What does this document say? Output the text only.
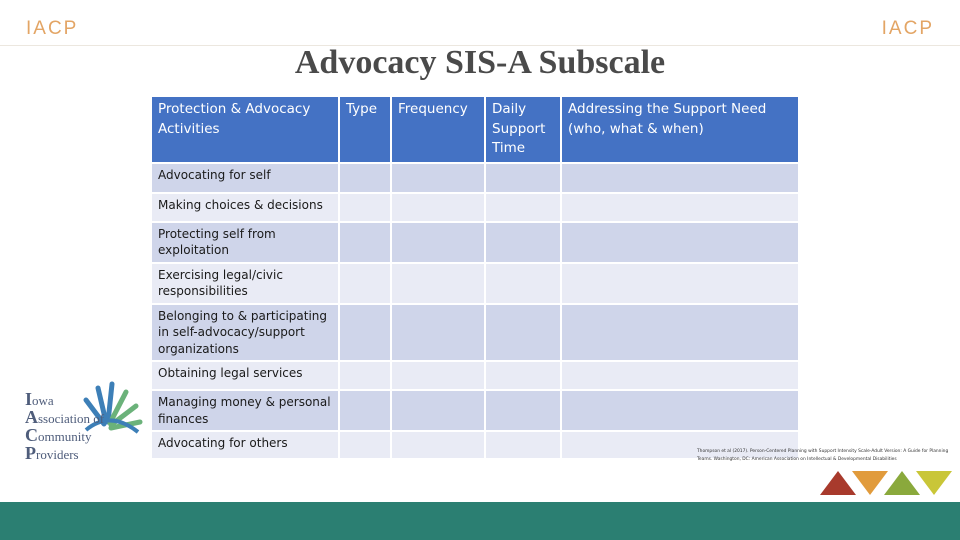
IACP	IACP
Advocacy SIS-A Subscale
Protection & Advocacy Activities	Type	Frequency	Daily Support Time	Addressing the Support Need (who, what & when)
Advocating for self				
Making choices & decisions				
Protecting self from exploitation				
Exercising legal/civic responsibilities				
Belonging to & participating in self-advocacy/support organizations				
Obtaining legal services				
Managing money & personal finances				
Advocating for others				
Iowa
Association of
Community
Providers	Thompson et al (2017). Person-Centered Planning with Support Intensity Scale-Adult Version: A Guide for Planning Teams. Washington, DC: American Association on Intellectual & Developmental Disabilities
